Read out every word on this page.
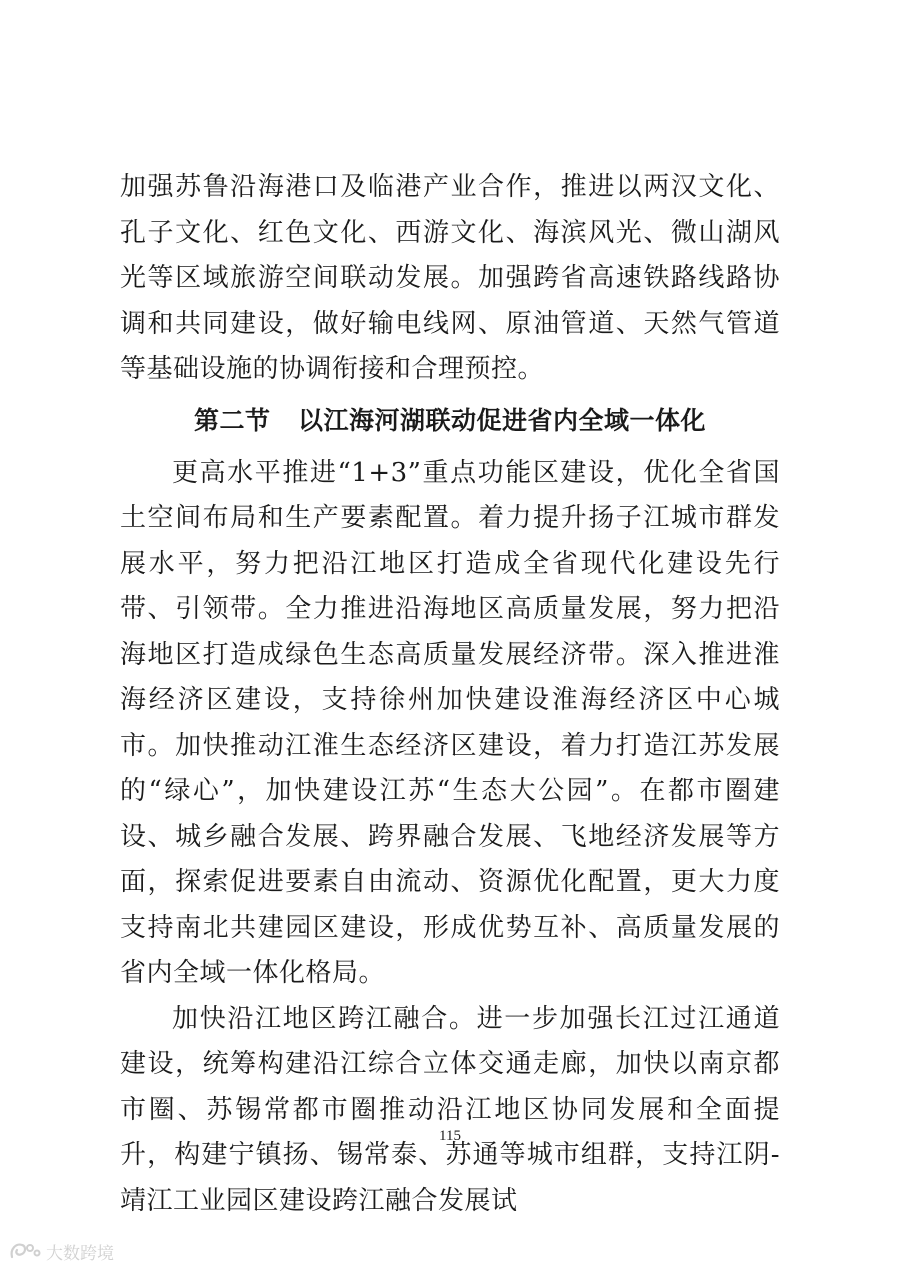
加强苏鲁沿海港口及临港产业合作，推进以两汉文化、孔子文化、红色文化、西游文化、海滨风光、微山湖风光等区域旅游空间联动发展。加强跨省高速铁路线路协调和共同建设，做好输电线网、原油管道、天然气管道等基础设施的协调衔接和合理预控。

第二节   以江海河湖联动促进省内全域一体化

更高水平推进“1+3”重点功能区建设，优化全省国土空间布局和生产要素配置。着力提升扬子江城市群发展水平，努力把沿江地区打造成全省现代化建设先行带、引领带。全力推进沿海地区高质量发展，努力把沿海地区打造成绿色生态高质量发展经济带。深入推进淮海经济区建设，支持徐州加快建设淮海经济区中心城市。加快推动江淮生态经济区建设，着力打造江苏发展的“绿心”，加快建设江苏“生态大公园”。在都市圈建设、城乡融合发展、跨界融合发展、飞地经济发展等方面，探索促进要素自由流动、资源优化配置，更大力度支持南北共建园区建设，形成优势互补、高质量发展的省内全域一体化格局。

加快沿江地区跨江融合。进一步加强长江过江通道建设，统筹构建沿江综合立体交通走廊，加快以南京都市圈、苏锡常都市圈推动沿江地区协同发展和全面提升，构建宁镇扬、锡常泰、苏通等城市组群，支持江阴-靖江工业园区建设跨江融合发展试

115
大数跨境
